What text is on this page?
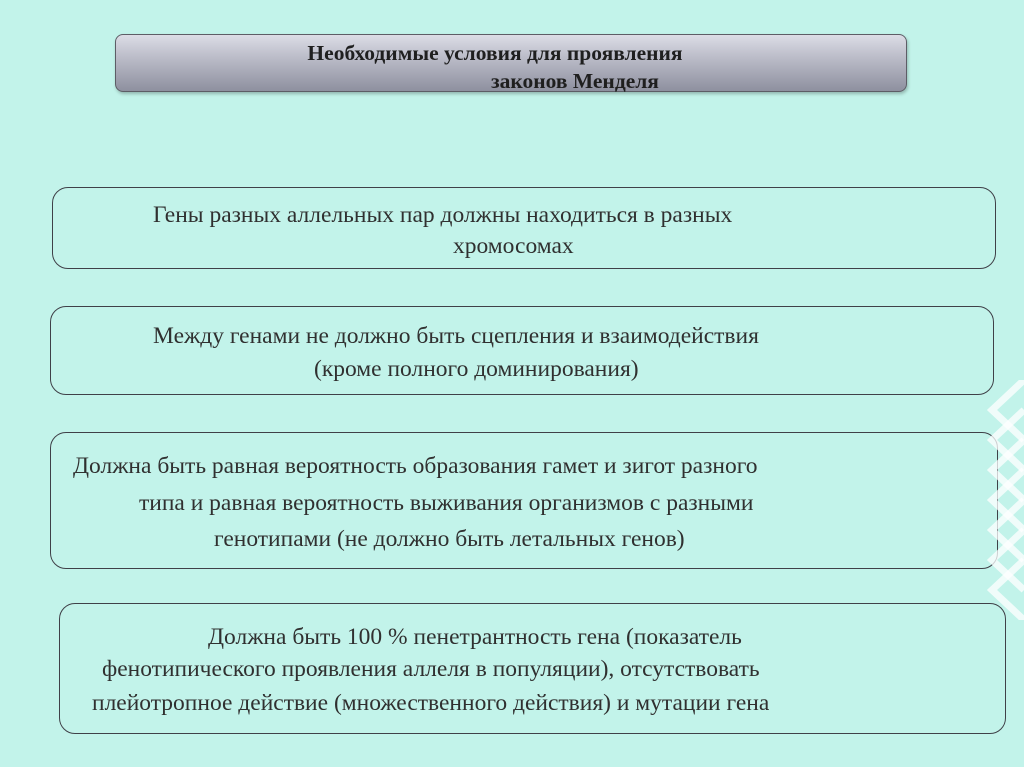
Необходимые условия для проявления
законов Менделя
Гены разных аллельных пар должны находиться в разных
хромосомах
Между генами не должно быть сцепления и взаимодействия
(кроме полного доминирования)
Должна быть равная вероятность образования гамет и зигот разного
типа и равная вероятность выживания организмов с разными
генотипами (не должно быть летальных генов)
Должна быть 100 % пенетрантность гена (показатель
фенотипического проявления аллеля в популяции), отсутствовать
плейотропное действие (множественного действия) и мутации гена
